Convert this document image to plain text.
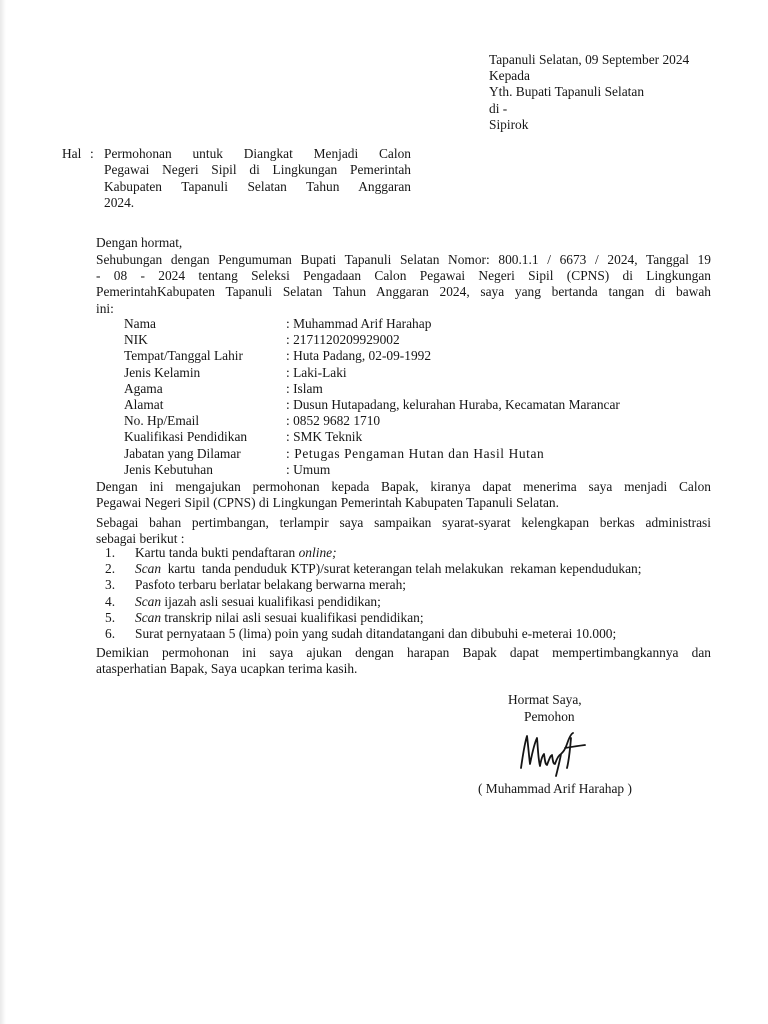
Tapanuli Selatan, 09 September 2024
Kepada
Yth. Bupati Tapanuli Selatan
di -
Sipirok
Hal : Permohonan untuk Diangkat Menjadi Calon
Pegawai Negeri Sipil di Lingkungan Pemerintah
Kabupaten Tapanuli Selatan Tahun Anggaran
2024.
Dengan hormat,
Sehubungan dengan Pengumuman Bupati Tapanuli Selatan Nomor: 800.1.1 / 6673 / 2024, Tanggal 19
- 08 - 2024 tentang Seleksi Pengadaan Calon Pegawai Negeri Sipil (CPNS) di Lingkungan
PemerintahKabupaten Tapanuli Selatan Tahun Anggaran 2024, saya yang bertanda tangan di bawah
ini:
Nama	: Muhammad Arif Harahap
NIK	: 2171120209929002
Tempat/Tanggal Lahir	: Huta Padang, 02-09-1992
Jenis Kelamin	: Laki-Laki
Agama	: Islam
Alamat	: Dusun Hutapadang, kelurahan Huraba, Kecamatan Marancar
No. Hp/Email	: 0852 9682 1710
Kualifikasi Pendidikan	: SMK Teknik
Jabatan yang Dilamar	: Petugas Pengaman Hutan dan Hasil Hutan
Jenis Kebutuhan	: Umum
Dengan ini mengajukan permohonan kepada Bapak, kiranya dapat menerima saya menjadi Calon
Pegawai Negeri Sipil (CPNS) di Lingkungan Pemerintah Kabupaten Tapanuli Selatan.
Sebagai bahan pertimbangan, terlampir saya sampaikan syarat-syarat kelengkapan berkas administrasi
sebagai berikut :
1. Kartu tanda bukti pendaftaran online;
2. Scan  kartu  tanda penduduk KTP)/surat keterangan telah melakukan  rekaman kependudukan;
3. Pasfoto terbaru berlatar belakang berwarna merah;
4. Scan ijazah asli sesuai kualifikasi pendidikan;
5. Scan transkrip nilai asli sesuai kualifikasi pendidikan;
6. Surat pernyataan 5 (lima) poin yang sudah ditandatangani dan dibubuhi e-meterai 10.000;
Demikian permohonan ini saya ajukan dengan harapan Bapak dapat mempertimbangkannya dan
atasperhatian Bapak, Saya ucapkan terima kasih.
Hormat Saya,
Pemohon
( Muhammad Arif Harahap )
